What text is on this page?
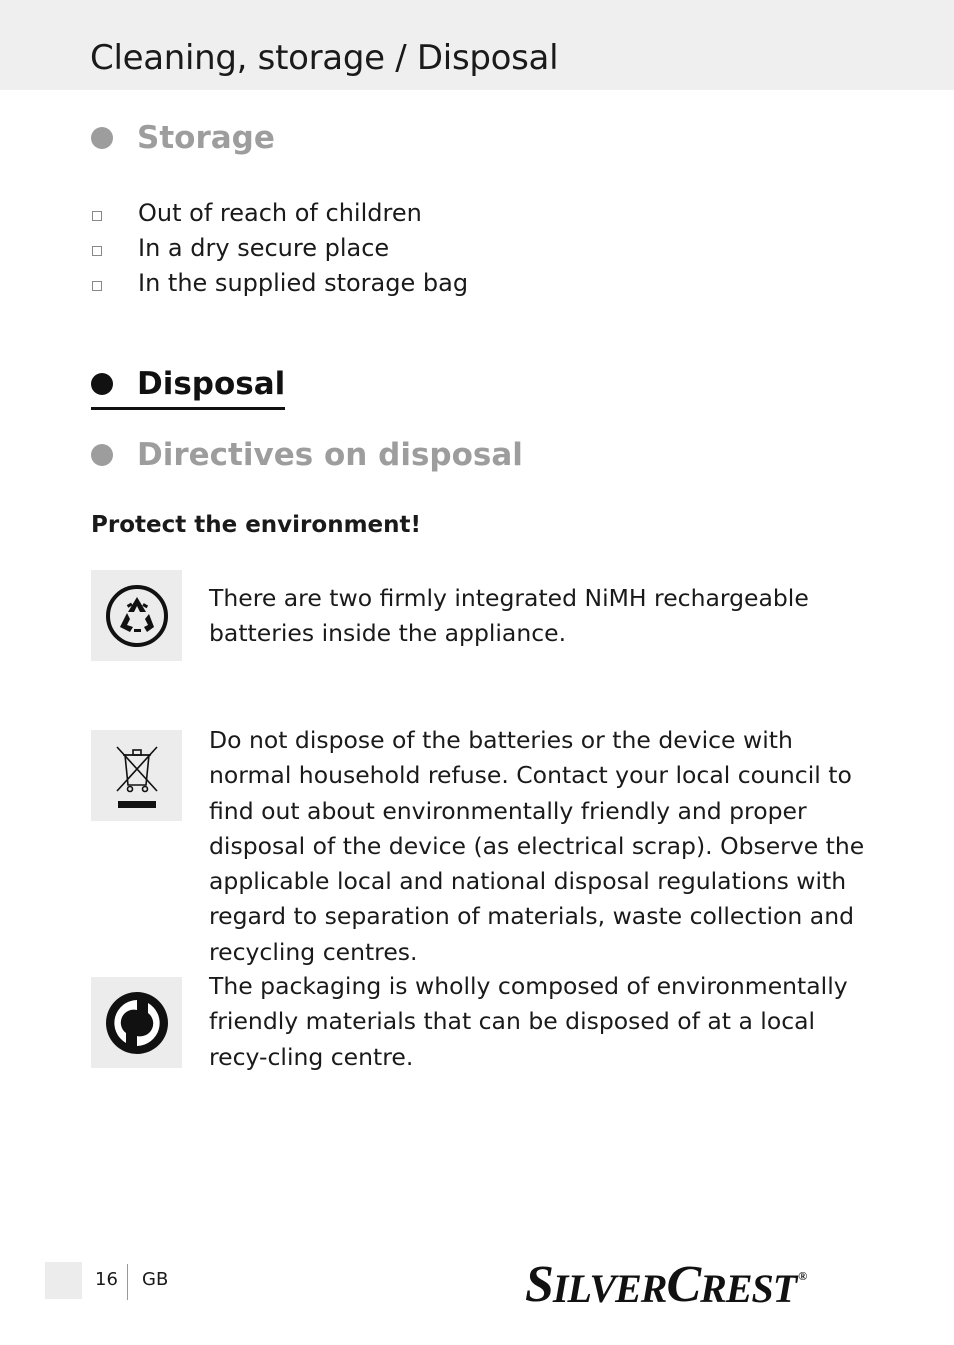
Cleaning, storage / Disposal
Storage
Out of reach of children
In a dry secure place
In the supplied storage bag
Disposal
Directives on disposal
Protect the environment!

There are two firmly integrated NiMH rechargeable batteries inside the appliance.

Do not dispose of the batteries or the device with normal household refuse. Contact your local council to find out about environmentally friendly and proper disposal of the device (as electrical scrap). Observe the applicable local and national disposal regulations with regard to separation of materials, waste collection and recycling centres.

The packaging is wholly composed of environmentally friendly materials that can be disposed of at a local recy-cling centre.

16 GB	S ILVER C REST ®
